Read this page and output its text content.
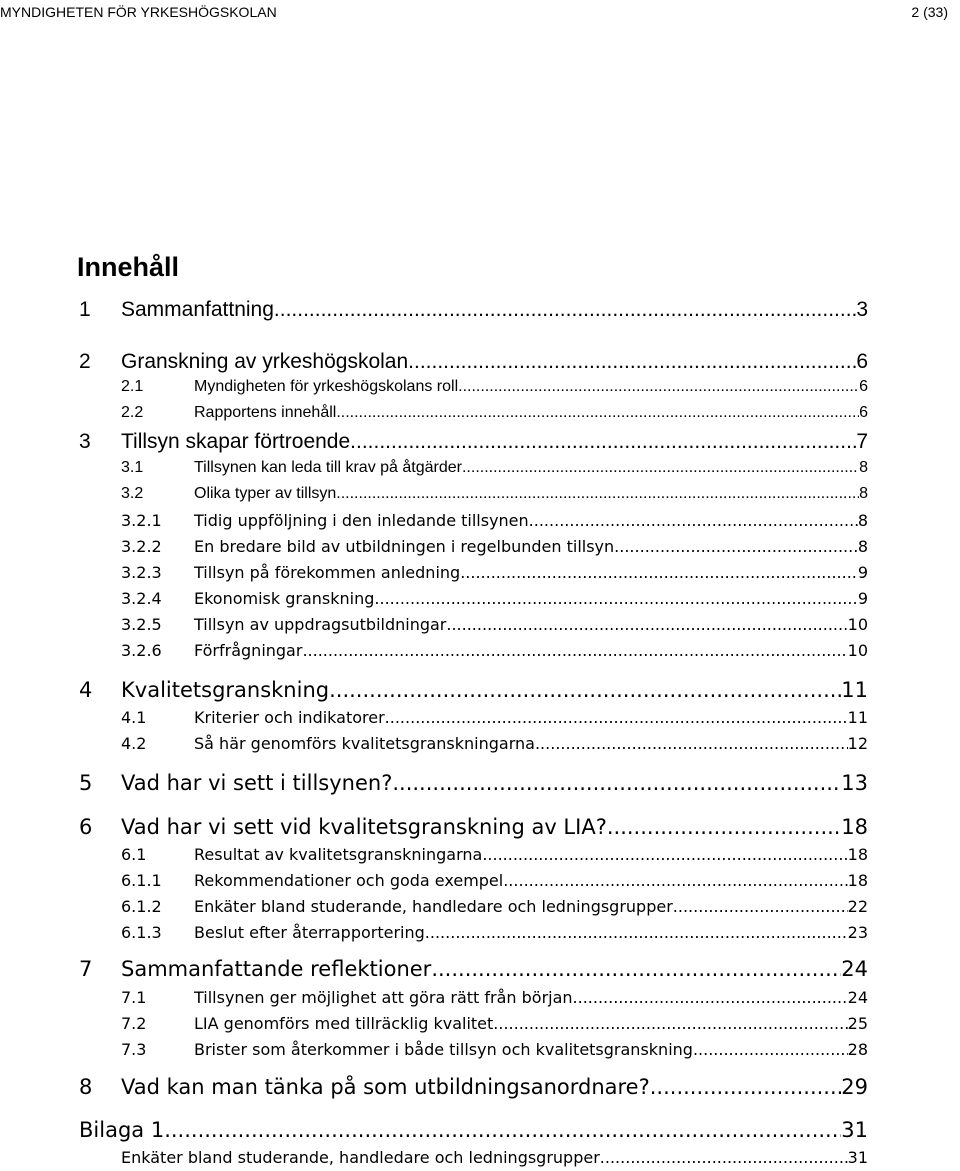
MYNDIGHETEN FÖR YRKESHÖGSKOLAN	2 (33)
Innehåll
1 Sammanfattning .....	3
2 Granskning av yrkeshögskolan .....	6
2.1	Myndigheten för yrkeshögskolans roll .....	6
2.2	Rapportens innehåll .....	6
3 Tillsyn skapar förtroende .....	7
3.1	Tillsynen kan leda till krav på åtgärder .....	8
3.2	Olika typer av tillsyn .....	8
3.2.1 Tidig uppföljning i den inledande tillsynen .....	8
3.2.2 En bredare bild av utbildningen i regelbunden tillsyn .....	8
3.2.3 Tillsyn på förekommen anledning .....	9
3.2.4 Ekonomisk granskning .....	9
3.2.5 Tillsyn av uppdragsutbildningar .....	10
3.2.6 Förfrågningar .....	10
4 Kvalitetsgranskning .....	11
4.1	Kriterier och indikatorer .....	11
4.2	Så här genomförs kvalitetsgranskningarna .....	12
5 Vad har vi sett i tillsynen? .....	13
6 Vad har vi sett vid kvalitetsgranskning av LIA? .....	18
6.1	Resultat av kvalitetsgranskningarna .....	18
6.1.1 Rekommendationer och goda exempel .....	18
6.1.2 Enkäter bland studerande, handledare och ledningsgrupper .....	22
6.1.3 Beslut efter återrapportering .....	23
7 Sammanfattande reflektioner .....	24
7.1	Tillsynen ger möjlighet att göra rätt från början .....	24
7.2	LIA genomförs med tillräcklig kvalitet .....	25
7.3	Brister som återkommer i både tillsyn och kvalitetsgranskning .....	28
8 Vad kan man tänka på som utbildningsanordnare? .....	29
Bilaga 1 .....	31
Enkäter bland studerande, handledare och ledningsgrupper .....	31
